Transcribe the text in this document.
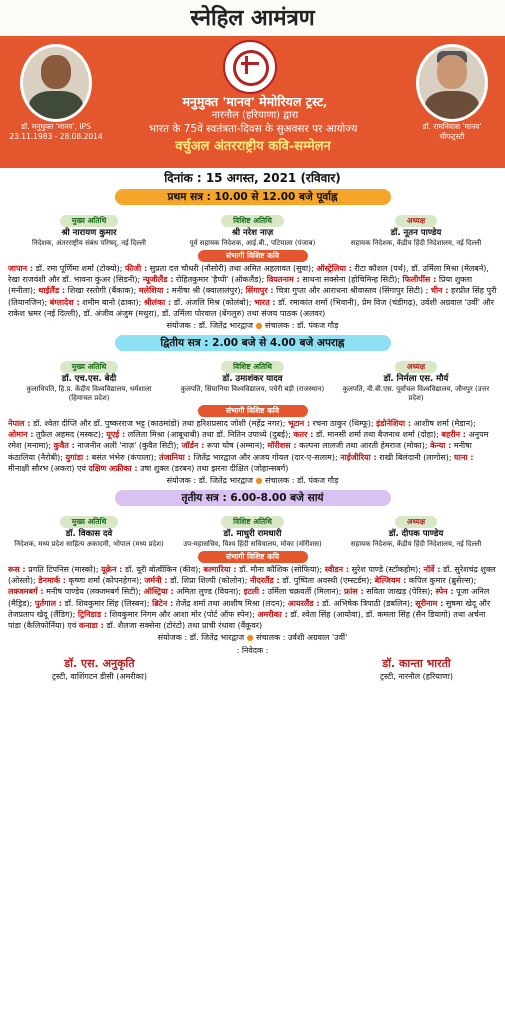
स्नेहिल आमंत्रण
डॉ. मनुमुक्त 'मानव', IPS
23.11.1983 - 28.08.2014
मनुमुक्त 'मानव' मेमोरियल ट्रस्ट,
नारनौल (हरियाणा) द्वारा
भारत के 75वें स्वतंत्रता-दिवस के सुअवसर पर आयोज्य
वर्चुअल अंतरराष्ट्रीय कवि-सम्मेलन
डॉ. रामनिवास 'मानव'
चीफट्रस्टी
दिनांक : 15 अगस्त, 2021 (रविवार)
प्रथम सत्र : 10.00 से 12.00 बजे पूर्वाह्न
मुख्य अतिथि
श्री नारायण कुमार
निदेशक, अंतरराष्ट्रीय संबंध परिषद्, नई दिल्ली
विशिष्ट अतिथि
श्री नरेश नाज़
पूर्व सहायक निदेशक, आई.बी., पटियाला (पंजाब)
अध्यक्ष
डॉ. नूतन पाण्डेय
सहायक निदेशक, केंद्रीय हिंदी निदेशालय, नई दिल्ली
संभागी विशिष्ट कवि
जापान : डॉ. रमा पूर्णिमा शर्मा (टोक्यो); फीजी : सुप्रता दत्त चौधरी (नौसोरी) तथा अमित अहलावत (सुवा); ऑस्ट्रेलिया : रीटा कौशल (पर्थ), डॉ. उर्मिला मिश्रा (मेलबर्न), रेखा राजवंशी और डॉ. भावना कुंअर (सिडनी); न्यूजीलैंड : रोहितकुमार 'हैप्पी' (ऑकलैंड); वियतनाम : साधना सक्सेना (होचिमिन्ह सिटी); फिलीपींस : प्रिया शुक्ला (मनीला); थाईलैंड : शिखा रस्तोगी (बैंकाक); मलेशिया : मनीषा श्री (क्वालालंपुर); सिंगापुर : चित्रा गुप्ता और आराधना श्रीवास्तव (सिंगापुर सिटी) ; चीन : हरप्रीत सिंह पुरी (तियानजिन); बंग्लादेश : शमीम बानो (ढाका); श्रीलंका : डॉ. अंजलि मिश्र (कोलंबो); भारत : डॉ. रमाकांत शर्मा (भिवानी), प्रेम विज (चंडीगढ़), उर्वशी अग्रवाल 'उर्वी' और राकेश भ्रमर (नई दिल्ली), डॉ. अंजीव अंजुम (मथुरा), डॉ. उर्मिला पोरवाल (बेंगलुरु) तथा संजय पाठक (अलवर)
संयोजक : डॉ. जितेंद्र भारद्वाज ● संचालक : डॉ. पंकज गौड़
द्वितीय सत्र : 2.00 बजे से 4.00 बजे अपराह्न
मुख्य अतिथि
डॉ. एच.एस. बेदी
कुलाधिपति, हि.प्र. केंद्रीय विश्वविद्यालय, धर्मशाला (हिमाचल प्रदेश)
विशिष्ट अतिथि
डॉ. उमाशंकर यादव
कुलपति, सिंघानिया विश्वविद्यालय, पचेरी बड़ी (राजस्थान)
अध्यक्ष
डॉ. निर्मला एस. मौर्य
कुलपति, वी.बी.एस. पूर्वांचल विश्वविद्यालय, जौनपुर (उत्तर प्रदेश)
संभागी विशिष्ट कवि
नेपाल : डॉ. श्वेता दीप्ति और डॉ. पुष्करराज भट्ट (काठमांडो) तथा हरिशप्रसाद जोशी (महेंद्र नगर); भूटान : रचना ठाकुर (थिम्फू); इंडोनेशिया : आशीष शर्मा (मेडान); ओमान : तुफ़ैल अहमद (मस्कट); यूएई : ललिता मिश्रा (आबूधाबी) तथा डॉ. नितिन उपाध्ये (दुबई); कतर : डॉ. मानसी शर्मा तथा बैजनाथ शर्मा (दोहा); बहरीन : अनुपम रमेश (मनामा); कुवैत : नाजनीन अली 'नाज़' (कुवैत सिटी); जॉर्डन : रूपा घोष (अम्मान); मॉरीशस : कल्पना लालजी तथा आरती हेमराज (मोका); केन्या : मनीषा कंठालिया (नैरोबी); युगांडा : बसंत भंभेरु (कंपाला); तंजानिया : जितेंद्र भारद्वाज और अजय गोयल (दार-ए-सलाम); नाईजीरिया : राखी बिलंदानी (लागोस); घाना : मीनाक्षी सौरभ (अकरा) एवं दक्षिण अफ्रीका : उषा शुक्ल (डरबन) तथा झरना दीक्षित (जोहान्सबर्ग)
संयोजक : डॉ. जितेंद्र भारद्वाज ● संचालक : डॉ. पंकज गौड़
तृतीय सत्र : 6.00-8.00 बजे सायं
मुख्य अतिथि
डॉ. विकास दवे
निदेशक, मध्य प्रदेश साहित्य अकादमी, भोपाल (मध्य प्रदेश)
विशिष्ट अतिथि
डॉ. माधुरी रामधारी
उप-महासचिव, विश्व हिंदी सचिवालय, मोका (मॉरीशस)
अध्यक्ष
डॉ. दीपक पाण्डेय
सहायक निदेशक, केंद्रीय हिंदी निदेशालय, नई दिल्ली
संभागी विशिष्ट कवि
रूस : प्रगति टिपनिस (मास्को); यूक्रेन : डॉ. यूरी बोत्वींकिन (कीव); बल्गारिया : डॉ. मौना कौशिक (सोफिया); स्वीडन : सुरेश पाण्डे (स्टॉकहोम); नॉर्वे : डॉ. सुरेशचंद्र शुक्ल (ओस्लो); डेनमार्क : कृष्णा शर्मा (कोपनहेगन); जर्मनी : डॉ. शिप्रा शिल्पी (कोलोन); नीदरलैंड : डॉ. पुष्पिता अवस्थी (एम्स्टर्डम); बेल्जियम : कपिल कुमार (ब्रुसेल्स); लक्जमबर्ग : मनीष पाण्डेय (लक्जमबर्ग सिटी); ऑस्ट्रिया : अमिता लुण्ड (वियना); इटली : उर्मिला चक्रवर्ती (मिलान); फ्रांस : सविता जाखड़ (पेरिस); स्पेन : पूजा अनिल (मैड्रिड); पुर्तगाल : डॉ. शिवकुमार सिंह (लिस्बन); ब्रिटेन : तेजेंद्र शर्मा तथा आशीष मिश्रा (लंदन); आयरलैंड : डॉ. अभिषेक त्रिपाठी (डबलिन); सूरीनाम : सुषमा खेदू और तेजप्रताप खेदू (लैंडिग); ट्रिनिडाड : शिवकुमार निगम और आशा मोर (पोर्ट ऑफ स्पेन); अमरीका : डॉ. श्वेता सिंह (आयोवा), डॉ. कमला सिंह (सैन डियागो) तथा अर्चना पांडा (कैलिफोर्निया) एवं कनाडा : डॉ. शैलजा सक्सेना (टोरंटो) तथा प्राची रंधावा (वैंकूवर)
संयोजक : डॉ. जितेंद्र भारद्वाज ● संचालक : उर्वशी अग्रवाल 'उर्वी'
: निवेदक :
डॉ. एस. अनुकृति
ट्रस्टी, वाशिंगटन डीसी (अमरीका)
डॉ. कान्ता भारती
ट्रस्टी, नारनौल (हरियाणा)
